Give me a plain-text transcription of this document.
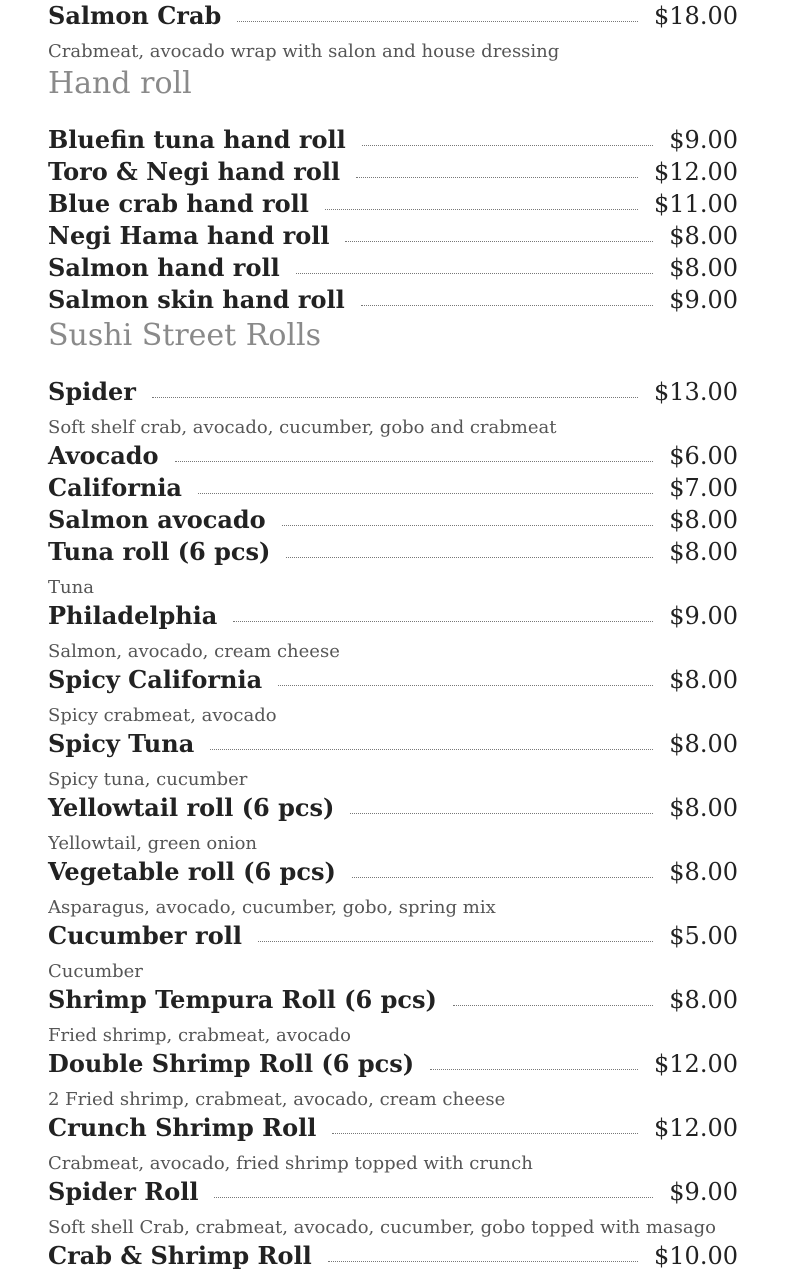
Salmon Crab	$18.00
Crabmeat, avocado wrap with salon and house dressing
Hand roll
Bluefin tuna hand roll	$9.00
Toro & Negi hand roll	$12.00
Blue crab hand roll	$11.00
Negi Hama hand roll	$8.00
Salmon hand roll	$8.00
Salmon skin hand roll	$9.00
Sushi Street Rolls
Spider	$13.00
Soft shelf crab, avocado, cucumber, gobo and crabmeat
Avocado	$6.00
California	$7.00
Salmon avocado	$8.00
Tuna roll (6 pcs)	$8.00
Tuna
Philadelphia	$9.00
Salmon, avocado, cream cheese
Spicy California	$8.00
Spicy crabmeat, avocado
Spicy Tuna	$8.00
Spicy tuna, cucumber
Yellowtail roll (6 pcs)	$8.00
Yellowtail, green onion
Vegetable roll (6 pcs)	$8.00
Asparagus, avocado, cucumber, gobo, spring mix
Cucumber roll	$5.00
Cucumber
Shrimp Tempura Roll (6 pcs)	$8.00
Fried shrimp, crabmeat, avocado
Double Shrimp Roll (6 pcs)	$12.00
2 Fried shrimp, crabmeat, avocado, cream cheese
Crunch Shrimp Roll	$12.00
Crabmeat, avocado, fried shrimp topped with crunch
Spider Roll	$9.00
Soft shell Crab, crabmeat, avocado, cucumber, gobo topped with masago
Crab & Shrimp Roll	$10.00
